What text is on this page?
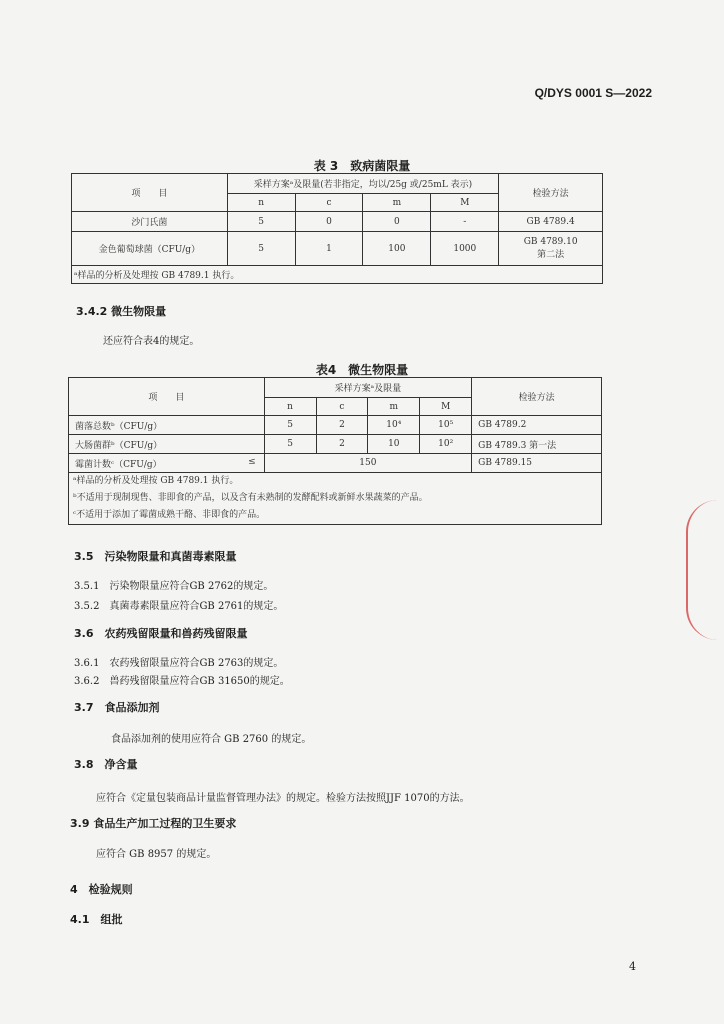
Q/DYS 0001 S—2022
表 3　致病菌限量
项　　目	采样方案ᵃ及限量(若非指定，均以/25g 或/25mL 表示)				检验方法
	n	c	m	M	
沙门氏菌	5	0	0	-	GB 4789.4
金色葡萄球菌（CFU/g）	5	1	100	1000	GB 4789.10
第二法

ᵃ样品的分析及处理按 GB 4789.1 执行。					
3.4.2 微生物限量
还应符合表4的规定。
表4　微生物限量
项　　目	采样方案ᵃ及限量				检验方法
	n	c	m	M	
菌落总数ᵇ（CFU/g）	5	2	10⁴	10⁵	GB 4789.2
大肠菌群ᵇ（CFU/g）	5	2	10	10²	GB 4789.3 第一法
霉菌计数ᶜ（CFU/g） ≤	150				GB 4789.15

ᵃ样品的分析及处理按 GB 4789.1 执行。
ᵇ不适用于现制现售、非即食的产品，以及含有未熟制的发酵配料或新鲜水果蔬菜的产品。
ᶜ不适用于添加了霉菌成熟干酪、非即食的产品。					
3.5　污染物限量和真菌毒素限量
3.5.1　污染物限量应符合GB 2762的规定。
3.5.2　真菌毒素限量应符合GB 2761的规定。
3.6　农药残留限量和兽药残留限量
3.6.1　农药残留限量应符合GB 2763的规定。
3.6.2　兽药残留限量应符合GB 31650的规定。
3.7　食品添加剂
食品添加剂的使用应符合 GB 2760 的规定。
3.8　净含量
应符合《定量包装商品计量监督管理办法》的规定。检验方法按照JJF 1070的方法。
3.9 食品生产加工过程的卫生要求
应符合 GB 8957 的规定。
4　检验规则
4.1　组批
4
